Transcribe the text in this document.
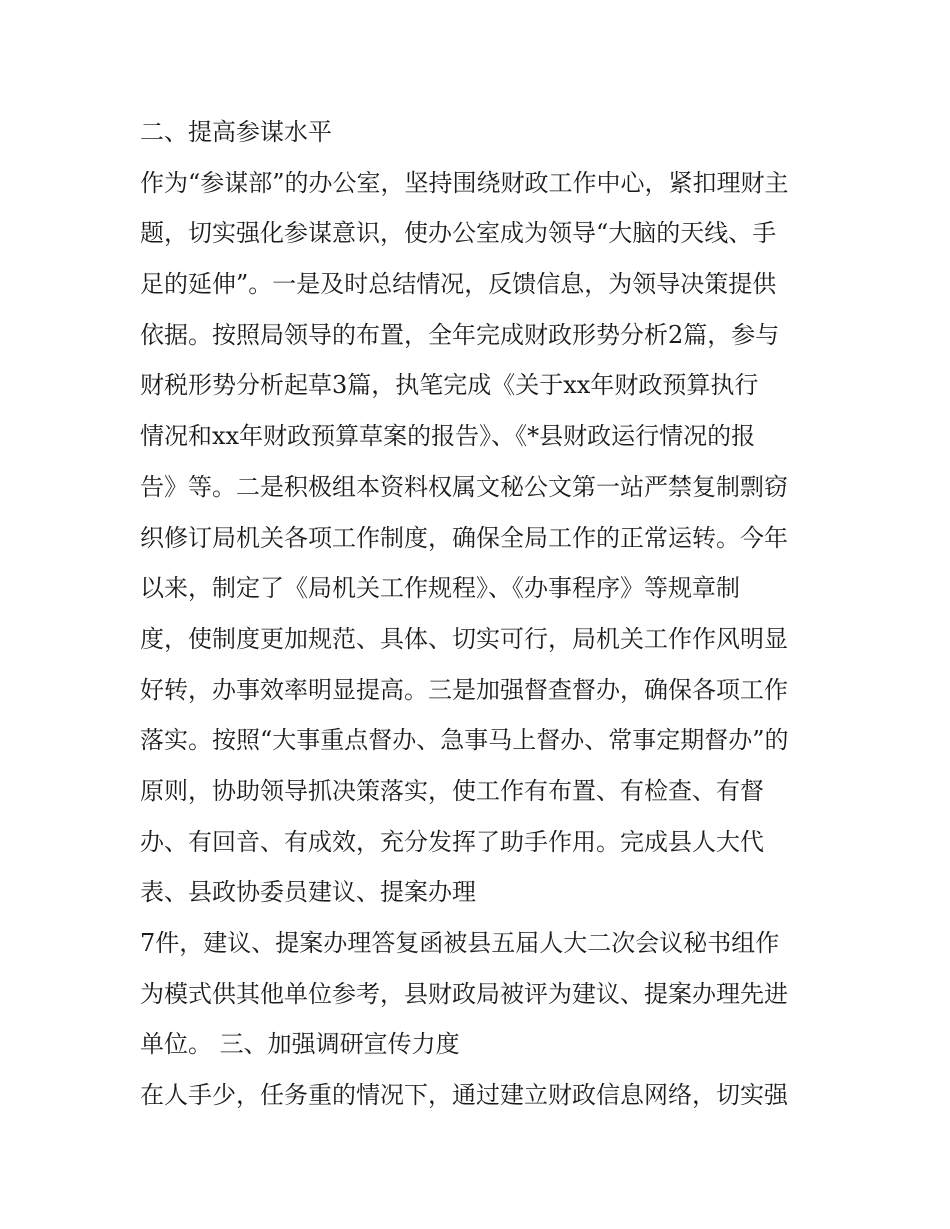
二、提高参谋水平
作为“参谋部”的办公室，坚持围绕财政工作中心，紧扣理财主
题，切实强化参谋意识，使办公室成为领导“大脑的天线、手
足的延伸”。一是及时总结情况，反馈信息，为领导决策提供
依据。按照局领导的布置，全年完成财政形势分析2篇，参与
财税形势分析起草3篇，执笔完成《关于xx年财政预算执行
情况和xx年财政预算草案的报告》、《*县财政运行情况的报
告》等。二是积极组本资料权属文秘公文第一站严禁复制剽窃
织修订局机关各项工作制度，确保全局工作的正常运转。今年
以来，制定了《局机关工作规程》、《办事程序》等规章制
度，使制度更加规范、具体、切实可行，局机关工作作风明显
好转，办事效率明显提高。三是加强督查督办，确保各项工作
落实。按照“大事重点督办、急事马上督办、常事定期督办”的
原则，协助领导抓决策落实，使工作有布置、有检查、有督
办、有回音、有成效，充分发挥了助手作用。完成县人大代
表、县政协委员建议、提案办理
7件，建议、提案办理答复函被县五届人大二次会议秘书组作
为模式供其他单位参考，县财政局被评为建议、提案办理先进
单位。 三、加强调研宣传力度
在人手少，任务重的情况下，通过建立财政信息网络，切实强
